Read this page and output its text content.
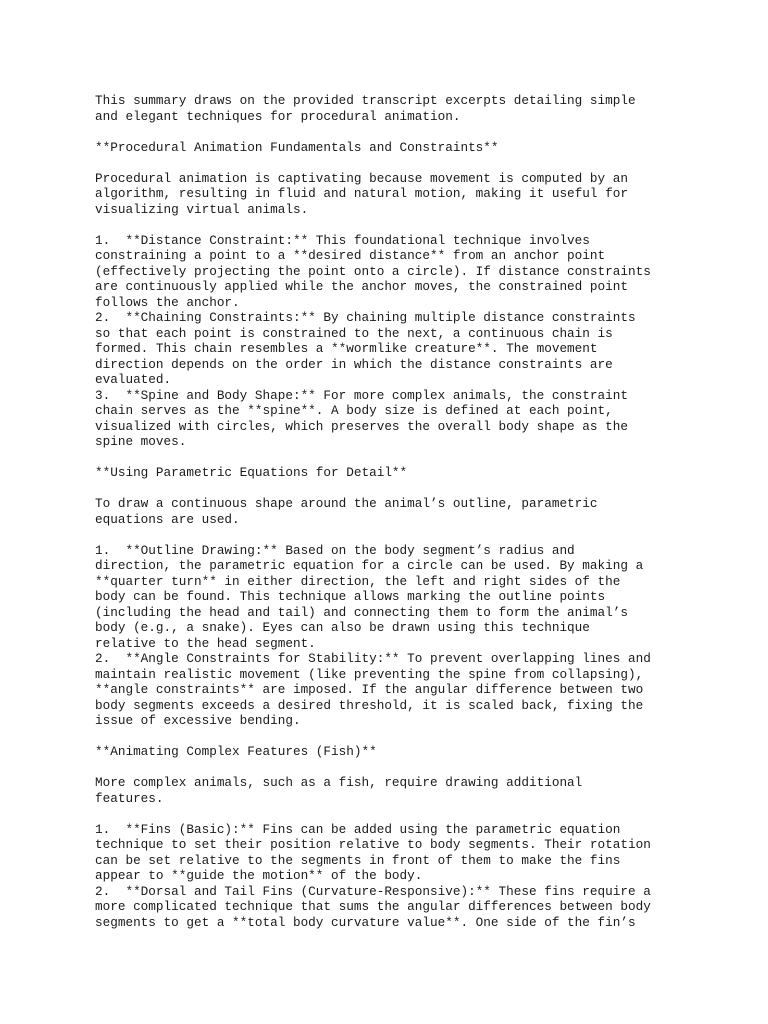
This summary draws on the provided transcript excerpts detailing simple
and elegant techniques for procedural animation.
**Procedural Animation Fundamentals and Constraints**
Procedural animation is captivating because movement is computed by an
algorithm, resulting in fluid and natural motion, making it useful for
visualizing virtual animals.
1.  **Distance Constraint:** This foundational technique involves
constraining a point to a **desired distance** from an anchor point
(effectively projecting the point onto a circle). If distance constraints
are continuously applied while the anchor moves, the constrained point
follows the anchor.
2.  **Chaining Constraints:** By chaining multiple distance constraints
so that each point is constrained to the next, a continuous chain is
formed. This chain resembles a **wormlike creature**. The movement
direction depends on the order in which the distance constraints are
evaluated.
3.  **Spine and Body Shape:** For more complex animals, the constraint
chain serves as the **spine**. A body size is defined at each point,
visualized with circles, which preserves the overall body shape as the
spine moves.
**Using Parametric Equations for Detail**
To draw a continuous shape around the animal’s outline, parametric
equations are used.
1.  **Outline Drawing:** Based on the body segment’s radius and
direction, the parametric equation for a circle can be used. By making a
**quarter turn** in either direction, the left and right sides of the
body can be found. This technique allows marking the outline points
(including the head and tail) and connecting them to form the animal’s
body (e.g., a snake). Eyes can also be drawn using this technique
relative to the head segment.
2.  **Angle Constraints for Stability:** To prevent overlapping lines and
maintain realistic movement (like preventing the spine from collapsing),
**angle constraints** are imposed. If the angular difference between two
body segments exceeds a desired threshold, it is scaled back, fixing the
issue of excessive bending.
**Animating Complex Features (Fish)**
More complex animals, such as a fish, require drawing additional
features.
1.  **Fins (Basic):** Fins can be added using the parametric equation
technique to set their position relative to body segments. Their rotation
can be set relative to the segments in front of them to make the fins
appear to **guide the motion** of the body.
2.  **Dorsal and Tail Fins (Curvature-Responsive):** These fins require a
more complicated technique that sums the angular differences between body
segments to get a **total body curvature value**. One side of the fin’s
